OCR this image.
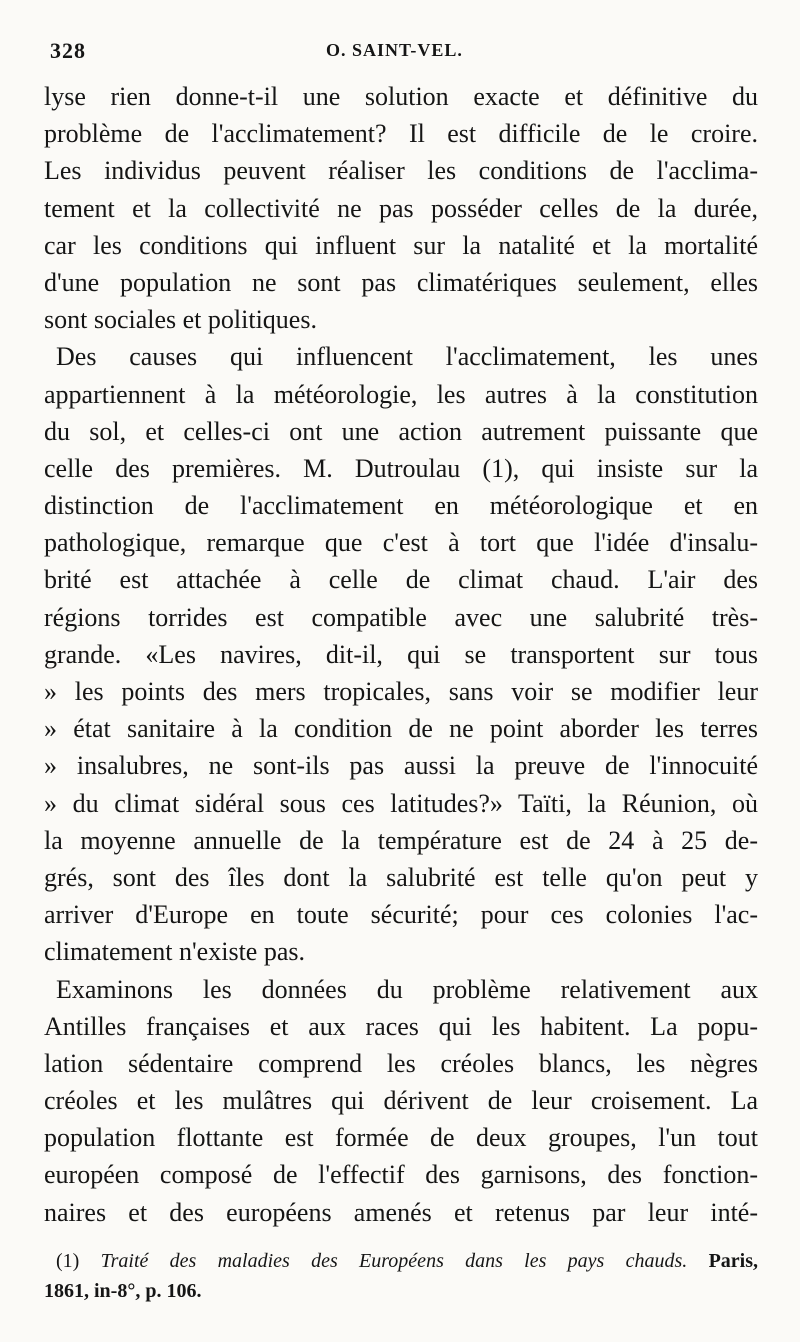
328	O. SAINT-VEL.
lyse rien donne-t-il une solution exacte et définitive du
problème de l'acclimatement? Il est difficile de le croire.
Les individus peuvent réaliser les conditions de l'acclima-
tement et la collectivité ne pas posséder celles de la durée,
car les conditions qui influent sur la natalité et la mortalité
d'une population ne sont pas climatériques seulement, elles
sont sociales et politiques.
Des causes qui influencent l'acclimatement, les unes
appartiennent à la météorologie, les autres à la constitution
du sol, et celles-ci ont une action autrement puissante que
celle des premières. M. Dutroulau (1), qui insiste sur la
distinction de l'acclimatement en météorologique et en
pathologique, remarque que c'est à tort que l'idée d'insalu-
brité est attachée à celle de climat chaud. L'air des
régions torrides est compatible avec une salubrité très-
grande. «Les navires, dit-il, qui se transportent sur tous
» les points des mers tropicales, sans voir se modifier leur
» état sanitaire à la condition de ne point aborder les terres
» insalubres, ne sont-ils pas aussi la preuve de l'innocuité
» du climat sidéral sous ces latitudes?» Taïti, la Réunion, où
la moyenne annuelle de la température est de 24 à 25 de-
grés, sont des îles dont la salubrité est telle qu'on peut y
arriver d'Europe en toute sécurité; pour ces colonies l'ac-
climatement n'existe pas.
Examinons les données du problème relativement aux
Antilles françaises et aux races qui les habitent. La popu-
lation sédentaire comprend les créoles blancs, les nègres
créoles et les mulâtres qui dérivent de leur croisement. La
population flottante est formée de deux groupes, l'un tout
européen composé de l'effectif des garnisons, des fonction-
naires et des européens amenés et retenus par leur inté-
(1) Traité des maladies des Européens dans les pays chauds. Paris,
1861, in-8°, p. 106.
